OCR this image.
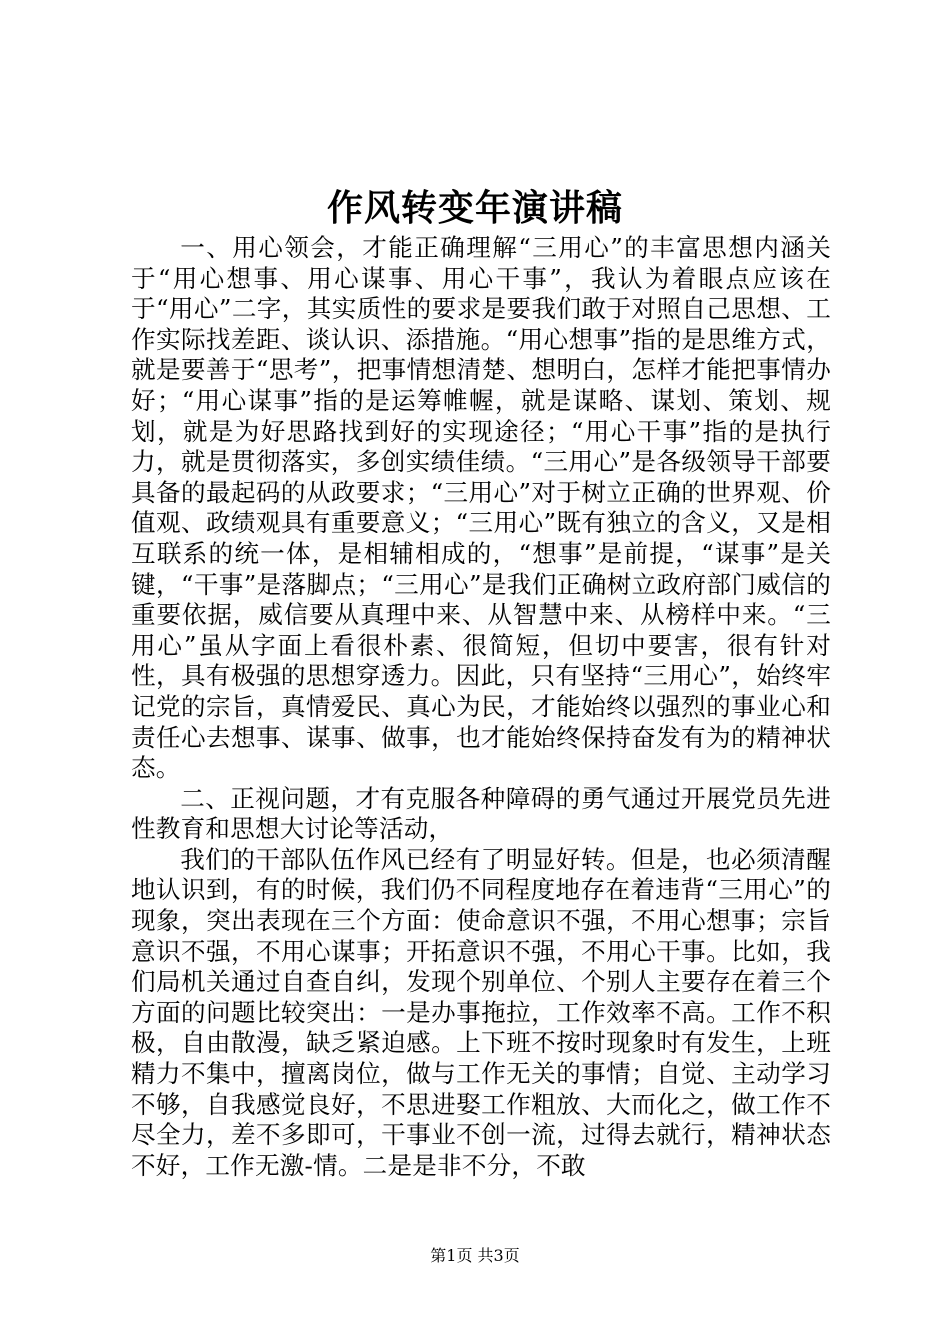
作风转变年演讲稿

一、用心领会，才能正确理解“三用心”的丰富思想内涵关于“用心想事、用心谋事、用心干事”，我认为着眼点应该在于“用心”二字，其实质性的要求是要我们敢于对照自己思想、工作实际找差距、谈认识、添措施。“用心想事”指的是思维方式，就是要善于“思考”，把事情想清楚、想明白，怎样才能把事情办好；“用心谋事”指的是运筹帷幄，就是谋略、谋划、策划、规划，就是为好思路找到好的实现途径；“用心干事”指的是执行力，就是贯彻落实，多创实绩佳绩。“三用心”是各级领导干部要具备的最起码的从政要求；“三用心”对于树立正确的世界观、价值观、政绩观具有重要意义；“三用心”既有独立的含义，又是相互联系的统一体，是相辅相成的，“想事”是前提，“谋事”是关键，“干事”是落脚点；“三用心”是我们正确树立政府部门威信的重要依据，威信要从真理中来、从智慧中来、从榜样中来。“三用心”虽从字面上看很朴素、很简短，但切中要害，很有针对性，具有极强的思想穿透力。因此，只有坚持“三用心”，始终牢记党的宗旨，真情爱民、真心为民，才能始终以强烈的事业心和责任心去想事、谋事、做事，也才能始终保持奋发有为的精神状态。

二、正视问题，才有克服各种障碍的勇气通过开展党员先进性教育和思想大讨论等活动，

我们的干部队伍作风已经有了明显好转。但是，也必须清醒地认识到，有的时候，我们仍不同程度地存在着违背“三用心”的现象，突出表现在三个方面：使命意识不强，不用心想事；宗旨意识不强，不用心谋事；开拓意识不强，不用心干事。比如，我们局机关通过自查自纠，发现个别单位、个别人主要存在着三个方面的问题比较突出：一是办事拖拉，工作效率不高。工作不积极，自由散漫，缺乏紧迫感。上下班不按时现象时有发生，上班精力不集中，擅离岗位，做与工作无关的事情；自觉、主动学习不够，自我感觉良好，不思进娶工作粗放、大而化之，做工作不尽全力，差不多即可，干事业不创一流，过得去就行，精神状态不好，工作无激-情。二是是非不分，不敢

第1页 共3页
